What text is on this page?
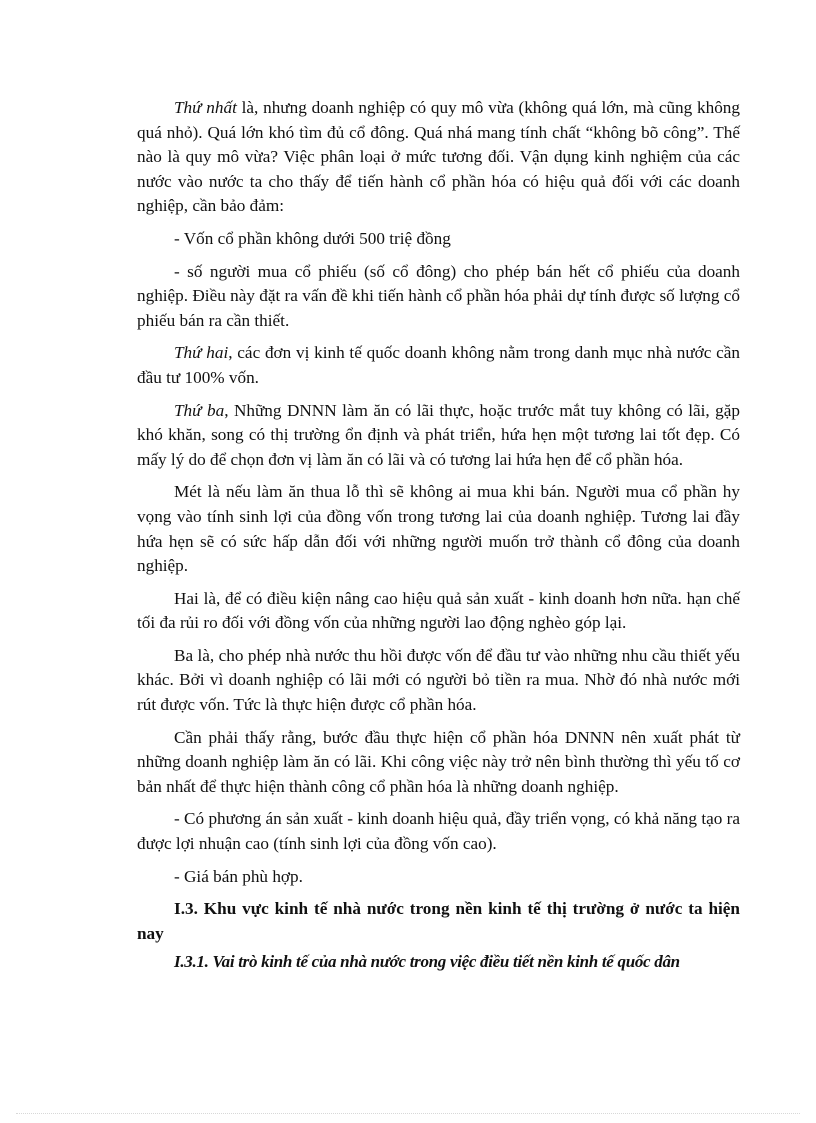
Thứ nhất là, nhưng doanh nghiệp có quy mô vừa (không quá lớn, mà cũng không quá nhỏ). Quá lớn khó tìm đủ cổ đông. Quá nhá mang tính chất “không bõ công”. Thế nào là quy mô vừa? Việc phân loại ở mức tương đối. Vận dụng kinh nghiệm của các nước vào nước ta cho thấy để tiến hành cổ phần hóa có hiệu quả đối với các doanh nghiệp, cần bảo đảm:

- Vốn cổ phần không dưới 500 triệ đồng

- số người mua cổ phiếu (số cổ đông) cho phép bán hết cổ phiếu của doanh nghiệp. Điều này đặt ra vấn đề khi tiến hành cổ phần hóa phải dự tính được số lượng cổ phiếu bán ra cần thiết.

Thứ hai, các đơn vị kinh tế quốc doanh không nằm trong danh mục nhà nước cần đầu tư 100% vốn.

Thứ ba, Những DNNN làm ăn có lãi thực, hoặc trước mắt tuy không có lãi, gặp khó khăn, song có thị trường ổn định và phát triển, hứa hẹn một tương lai tốt đẹp. Có mấy lý do để chọn đơn vị làm ăn có lãi và có tương lai hứa hẹn để cổ phần hóa.

Mét là nếu làm ăn thua lỗ thì sẽ không ai mua khi bán. Người mua cổ phần hy vọng vào tính sinh lợi của đồng vốn trong tương lai của doanh nghiệp. Tương lai đầy hứa hẹn sẽ có sức hấp dẫn đối với những người muốn trở thành cổ đông của doanh nghiệp.

Hai là, để có điều kiện nâng cao hiệu quả sản xuất - kinh doanh hơn nữa. hạn chế tối đa rủi ro đối với đồng vốn của những người lao động nghèo góp lại.

Ba là, cho phép nhà nước thu hồi được vốn để đầu tư vào những nhu cầu thiết yếu khác. Bởi vì doanh nghiệp có lãi mới có người bỏ tiền ra mua. Nhờ đó nhà nước mới rút được vốn. Tức là thực hiện được cổ phần hóa.

Cần phải thấy rằng, bước đầu thực hiện cổ phần hóa DNNN nên xuất phát từ những doanh nghiệp làm ăn có lãi. Khi công việc này trở nên bình thường thì yếu tố cơ bản nhất để thực hiện thành công cổ phần hóa là những doanh nghiệp.

- Có phương án sản xuất - kinh doanh hiệu quả, đầy triển vọng, có khả năng tạo ra được lợi nhuận cao (tính sinh lợi của đồng vốn cao).

- Giá bán phù hợp.

I.3. Khu vực kinh tế nhà nước trong nền kinh tế thị trường ở nước ta hiện nay
I.3.1. Vai trò kinh tế của nhà nước trong việc điều tiết nền kinh tế quốc dân
